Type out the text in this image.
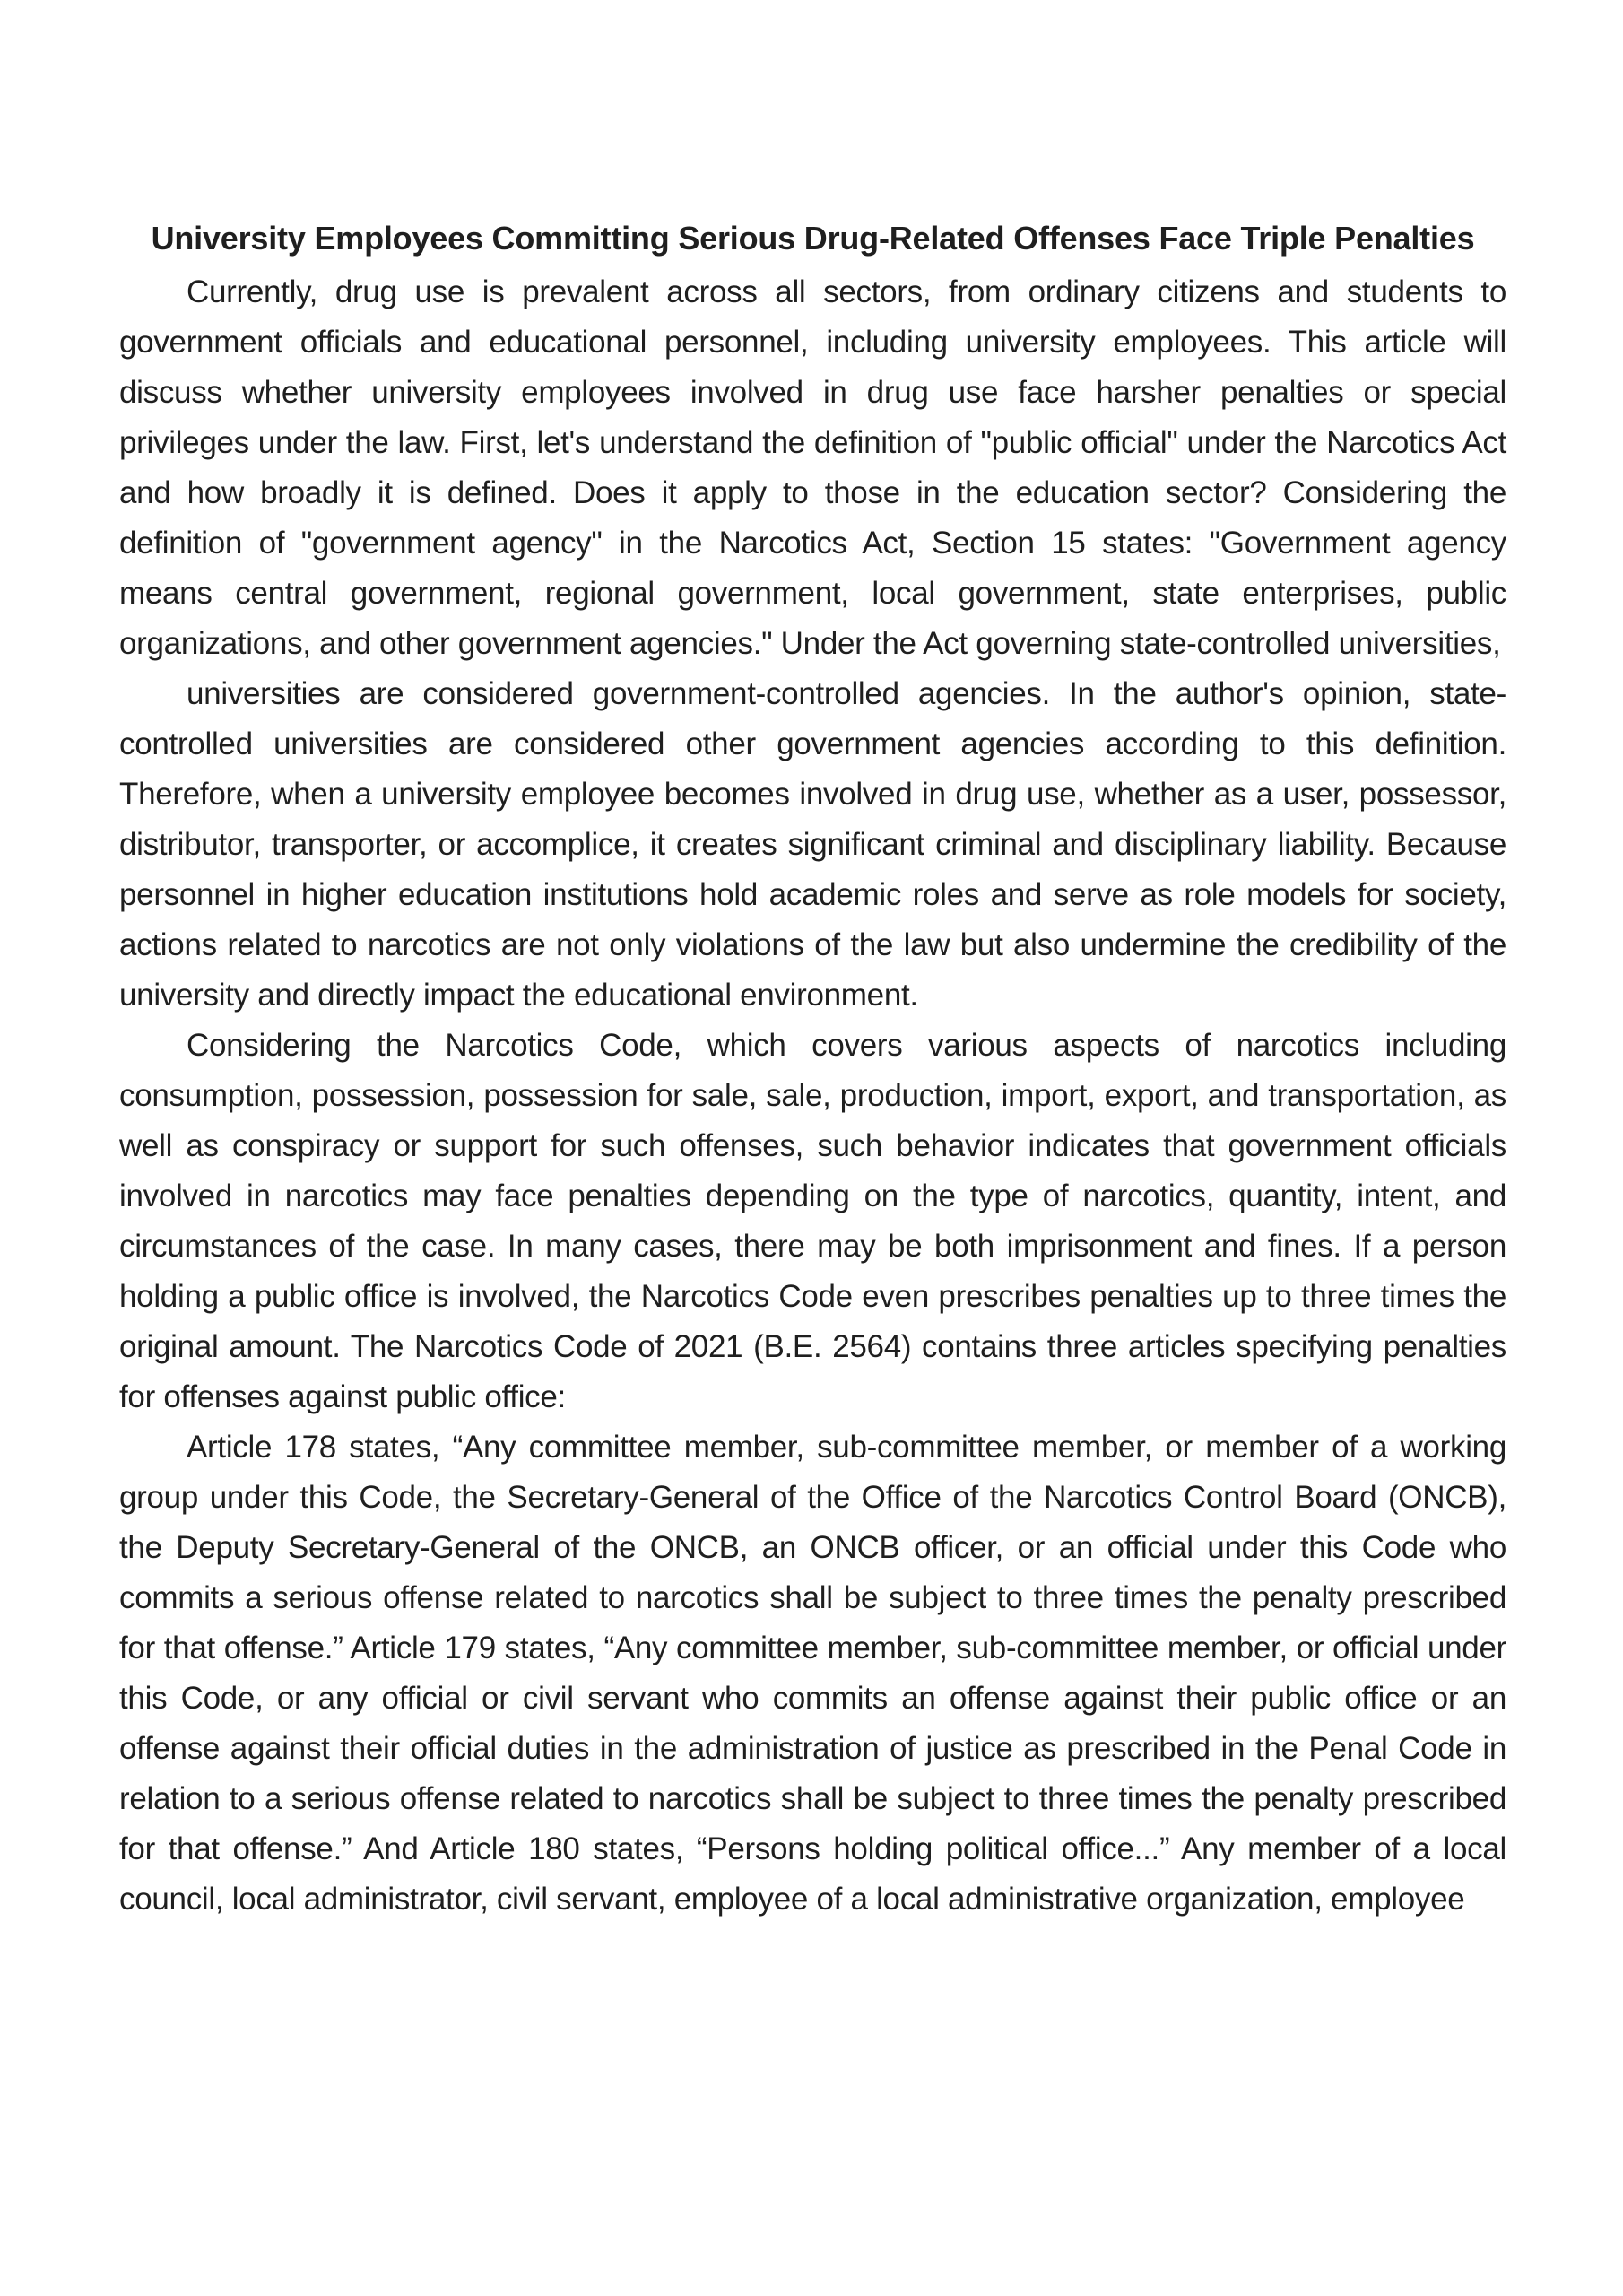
University Employees Committing Serious Drug-Related Offenses Face Triple Penalties

Currently, drug use is prevalent across all sectors, from ordinary citizens and students to government officials and educational personnel, including university employees. This article will discuss whether university employees involved in drug use face harsher penalties or special privileges under the law. First, let's understand the definition of "public official" under the Narcotics Act and how broadly it is defined. Does it apply to those in the education sector? Considering the definition of "government agency" in the Narcotics Act, Section 15 states: "Government agency means central government, regional government, local government, state enterprises, public organizations, and other government agencies." Under the Act governing state-controlled universities,

universities are considered government-controlled agencies. In the author's opinion, state-controlled universities are considered other government agencies according to this definition. Therefore, when a university employee becomes involved in drug use, whether as a user, possessor, distributor, transporter, or accomplice, it creates significant criminal and disciplinary liability. Because personnel in higher education institutions hold academic roles and serve as role models for society, actions related to narcotics are not only violations of the law but also undermine the credibility of the university and directly impact the educational environment.

Considering the Narcotics Code, which covers various aspects of narcotics including consumption, possession, possession for sale, sale, production, import, export, and transportation, as well as conspiracy or support for such offenses, such behavior indicates that government officials involved in narcotics may face penalties depending on the type of narcotics, quantity, intent, and circumstances of the case. In many cases, there may be both imprisonment and fines. If a person holding a public office is involved, the Narcotics Code even prescribes penalties up to three times the original amount. The Narcotics Code of 2021 (B.E. 2564) contains three articles specifying penalties for offenses against public office:

Article 178 states, “Any committee member, sub-committee member, or member of a working group under this Code, the Secretary-General of the Office of the Narcotics Control Board (ONCB), the Deputy Secretary-General of the ONCB, an ONCB officer, or an official under this Code who commits a serious offense related to narcotics shall be subject to three times the penalty prescribed for that offense.” Article 179 states, “Any committee member, sub-committee member, or official under this Code, or any official or civil servant who commits an offense against their public office or an offense against their official duties in the administration of justice as prescribed in the Penal Code in relation to a serious offense related to narcotics shall be subject to three times the penalty prescribed for that offense.” And Article 180 states, “Persons holding political office...” Any member of a local council, local administrator, civil servant, employee of a local administrative organization, employee
